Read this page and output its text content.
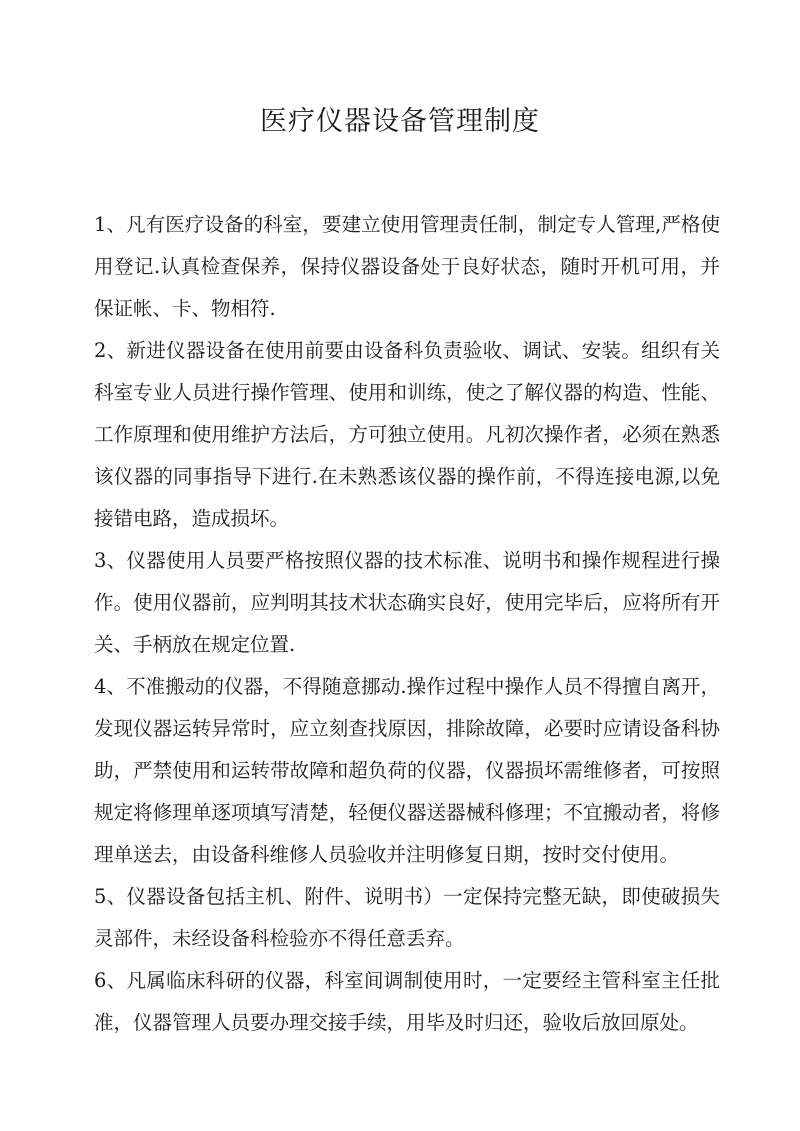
医疗仪器设备管理制度

1、凡有医疗设备的科室，要建立使用管理责任制，制定专人管理,严格使用登记.认真检查保养，保持仪器设备处于良好状态，随时开机可用，并保证帐、卡、物相符.

2、新进仪器设备在使用前要由设备科负责验收、调试、安装。组织有关科室专业人员进行操作管理、使用和训练，使之了解仪器的构造、性能、工作原理和使用维护方法后，方可独立使用。凡初次操作者，必须在熟悉该仪器的同事指导下进行.在未熟悉该仪器的操作前，不得连接电源,以免接错电路，造成损坏。

3、仪器使用人员要严格按照仪器的技术标准、说明书和操作规程进行操作。使用仪器前，应判明其技术状态确实良好，使用完毕后，应将所有开关、手柄放在规定位置.

4、不准搬动的仪器，不得随意挪动.操作过程中操作人员不得擅自离开，发现仪器运转异常时，应立刻查找原因，排除故障，必要时应请设备科协助，严禁使用和运转带故障和超负荷的仪器，仪器损坏需维修者，可按照规定将修理单逐项填写清楚，轻便仪器送器械科修理；不宜搬动者，将修理单送去，由设备科维修人员验收并注明修复日期，按时交付使用。

5、仪器设备包括主机、附件、说明书）一定保持完整无缺，即使破损失灵部件，未经设备科检验亦不得任意丢弃。

6、凡属临床科研的仪器，科室间调制使用时，一定要经主管科室主任批准，仪器管理人员要办理交接手续，用毕及时归还，验收后放回原处。
